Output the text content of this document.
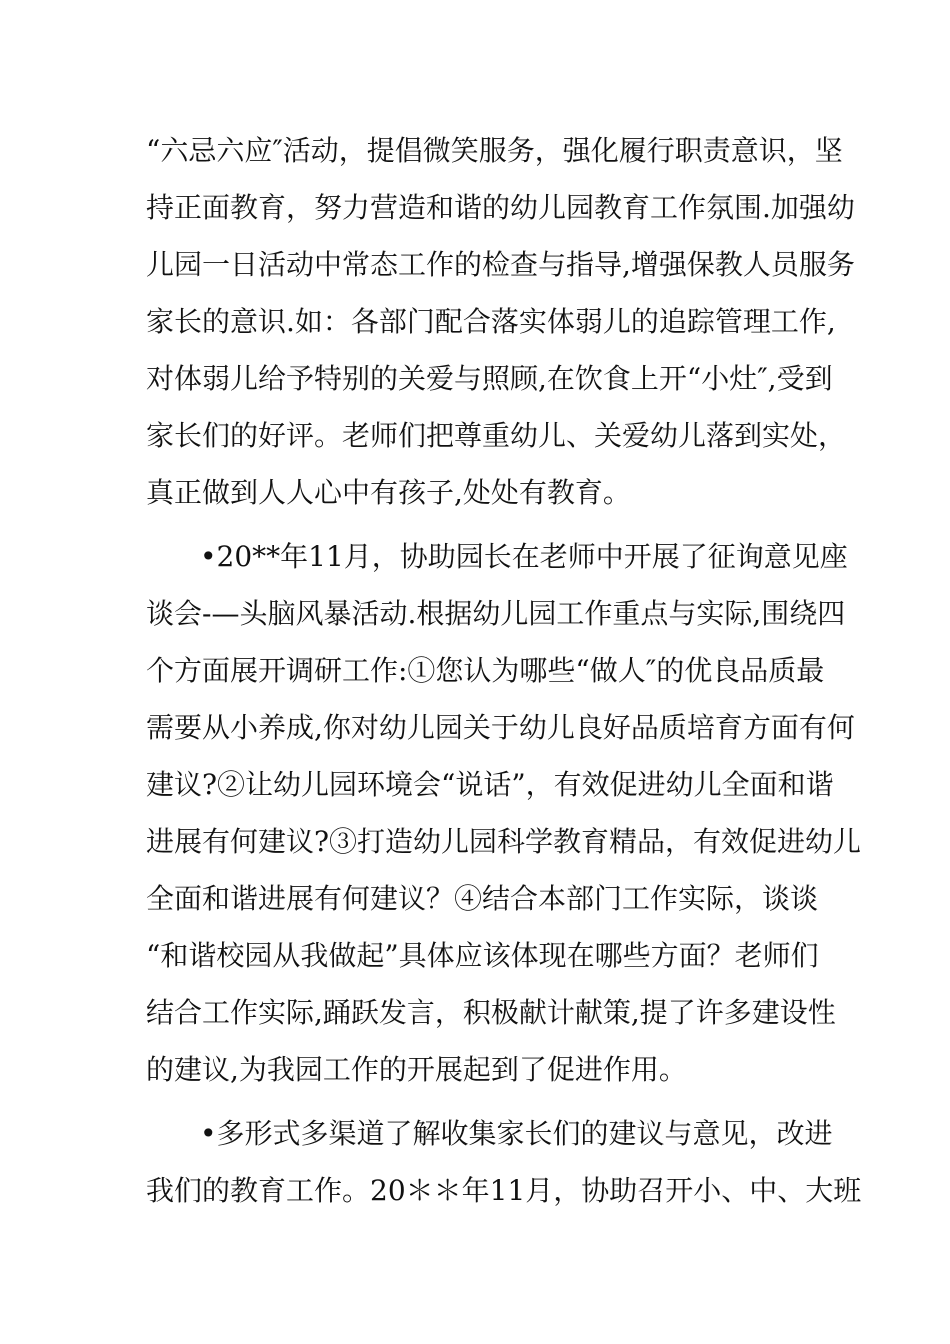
“六忌六应″活动，提倡微笑服务，强化履行职责意识，坚
持正面教育，努力营造和谐的幼儿园教育工作氛围.加强幼
儿园一日活动中常态工作的检查与指导,增强保教人员服务
家长的意识.如：各部门配合落实体弱儿的追踪管理工作,
对体弱儿给予特别的关爱与照顾,在饮食上开“小灶″,受到
家长们的好评。老师们把尊重幼儿、关爱幼儿落到实处，
真正做到人人心中有孩子,处处有教育。
•20**年11月，协助园长在老师中开展了征询意见座
谈会-—头脑风暴活动.根据幼儿园工作重点与实际,围绕四
个方面展开调研工作:①您认为哪些“做人″的优良品质最
需要从小养成,你对幼儿园关于幼儿良好品质培育方面有何
建议?②让幼儿园环境会“说话”，有效促进幼儿全面和谐
进展有何建议?③打造幼儿园科学教育精品，有效促进幼儿
全面和谐进展有何建议？④结合本部门工作实际，谈谈
“和谐校园从我做起”具体应该体现在哪些方面？老师们
结合工作实际,踊跃发言，积极献计献策,提了许多建设性
的建议,为我园工作的开展起到了促进作用。
•多形式多渠道了解收集家长们的建议与意见，改进
我们的教育工作。20＊＊年11月，协助召开小、中、大班
